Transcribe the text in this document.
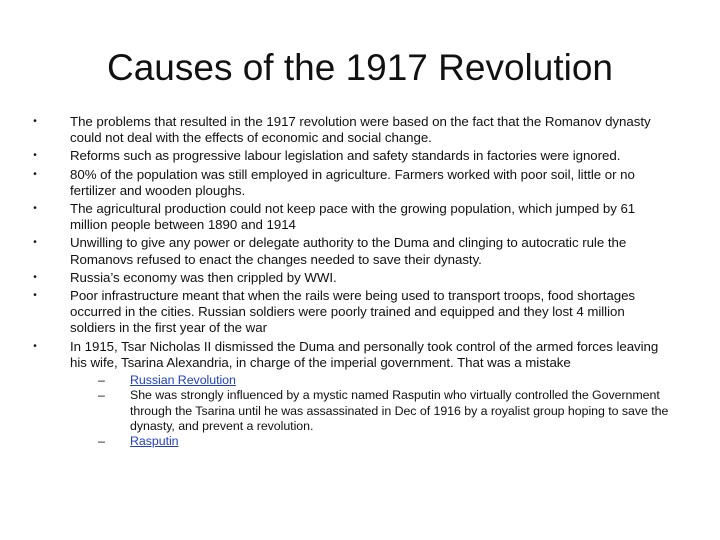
Causes of the 1917 Revolution
•	The problems that resulted in the 1917 revolution were based on the fact that the Romanov dynasty could not deal with the effects of economic and social change.
•	Reforms such as progressive labour legislation and safety standards in factories were ignored.
•	80% of the population was still employed in agriculture. Farmers worked with poor soil, little or no fertilizer and wooden ploughs.
•	The agricultural production could not keep pace with the growing population, which jumped by 61 million people between 1890 and 1914
•	Unwilling to give any power or delegate authority to the Duma and clinging to autocratic rule the Romanovs refused to enact the changes needed to save their dynasty.
•	Russia’s economy was then crippled by WWI.
•	Poor infrastructure meant that when the rails were being used to transport troops, food shortages occurred in the cities. Russian soldiers were poorly trained and equipped and they lost 4 million soldiers in the first year of the war
•	In 1915, Tsar Nicholas II dismissed the Duma and personally took control of the armed forces leaving his wife, Tsarina Alexandria, in charge of the imperial government. That was a mistake
–	Russian Revolution
–	She was strongly influenced by a mystic named Rasputin who virtually controlled the Government through the Tsarina until he was assassinated in Dec of 1916 by a royalist group hoping to save the dynasty, and prevent a revolution.
–	Rasputin
